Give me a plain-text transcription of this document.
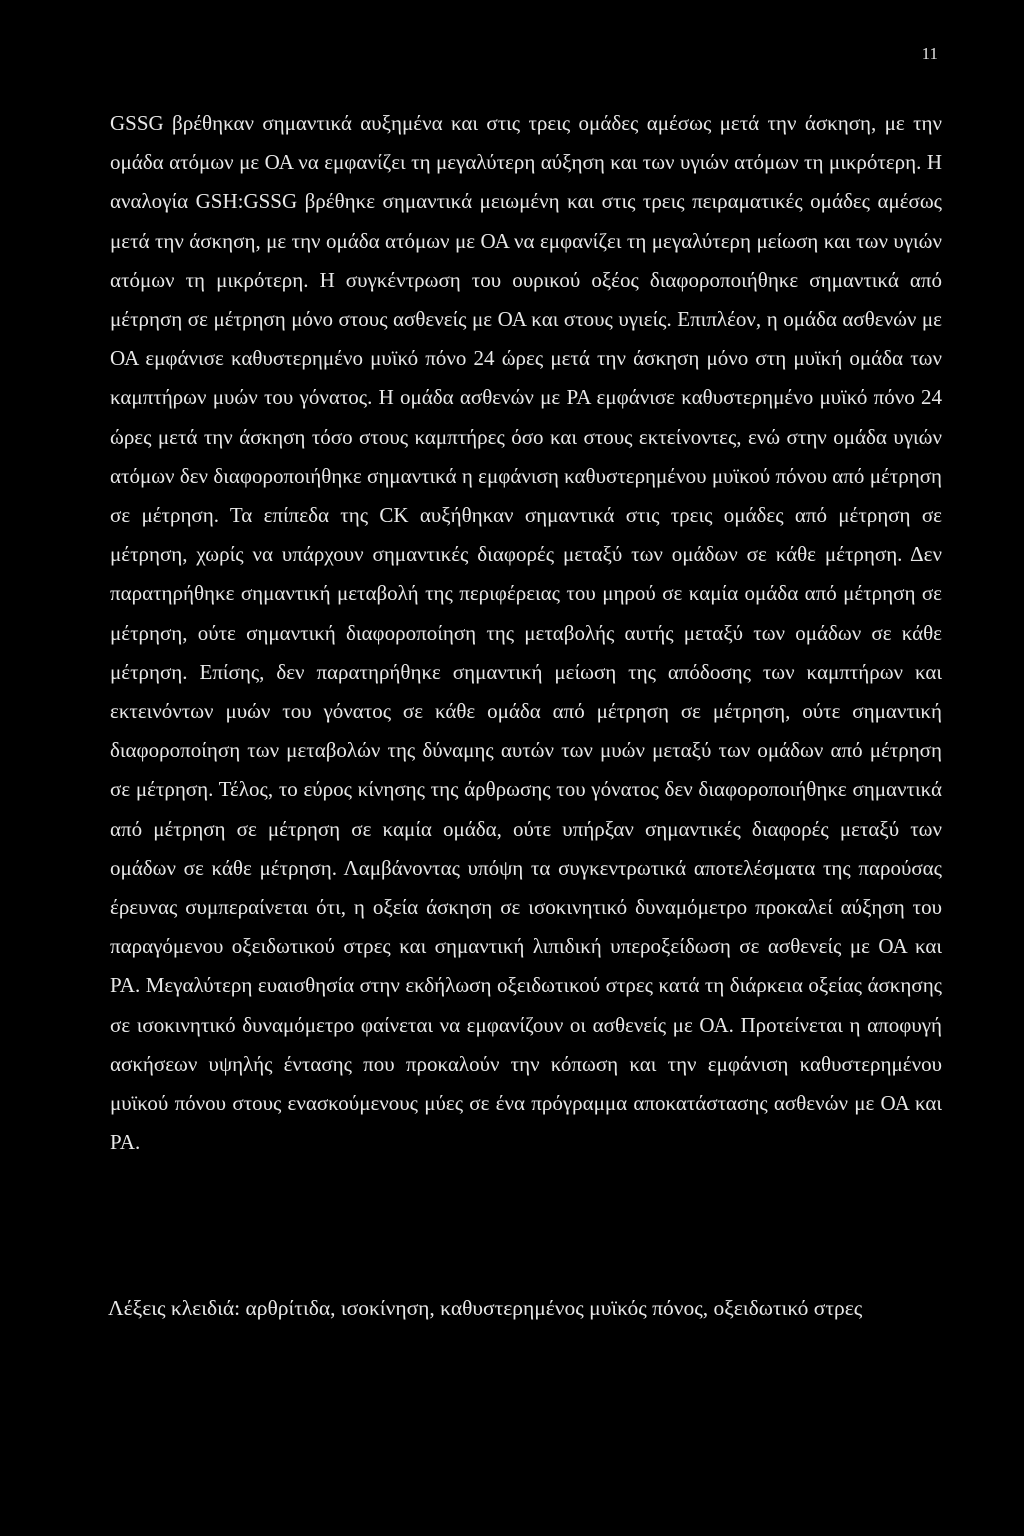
11

GSSG βρέθηκαν σημαντικά αυξημένα και στις τρεις ομάδες αμέσως μετά την άσκηση, με την ομάδα ατόμων με ΟΑ να εμφανίζει τη μεγαλύτερη αύξηση και των υγιών ατόμων τη μικρότερη. Η αναλογία GSH:GSSG βρέθηκε σημαντικά μειωμένη και στις τρεις πειραματικές ομάδες αμέσως μετά την άσκηση, με την ομάδα ατόμων με ΟΑ να εμφανίζει τη μεγαλύτερη μείωση και των υγιών ατόμων τη μικρότερη. Η συγκέντρωση του ουρικού οξέος διαφοροποιήθηκε σημαντικά από μέτρηση σε μέτρηση μόνο στους ασθενείς με ΟΑ και στους υγιείς. Επιπλέον, η ομάδα ασθενών με ΟΑ εμφάνισε καθυστερημένο μυϊκό πόνο 24 ώρες μετά την άσκηση μόνο στη μυϊκή ομάδα των καμπτήρων μυών του γόνατος. Η ομάδα ασθενών με ΡΑ εμφάνισε καθυστερημένο μυϊκό πόνο 24 ώρες μετά την άσκηση τόσο στους καμπτήρες όσο και στους εκτείνοντες, ενώ στην ομάδα υγιών ατόμων δεν διαφοροποιήθηκε σημαντικά η εμφάνιση καθυστερημένου μυϊκού πόνου από μέτρηση σε μέτρηση. Τα επίπεδα της CK αυξήθηκαν σημαντικά στις τρεις ομάδες από μέτρηση σε μέτρηση, χωρίς να υπάρχουν σημαντικές διαφορές μεταξύ των ομάδων σε κάθε μέτρηση. Δεν παρατηρήθηκε σημαντική μεταβολή της περιφέρειας του μηρού σε καμία ομάδα από μέτρηση σε μέτρηση, ούτε σημαντική διαφοροποίηση της μεταβολής αυτής μεταξύ των ομάδων σε κάθε μέτρηση. Επίσης, δεν παρατηρήθηκε σημαντική μείωση της απόδοσης των καμπτήρων και εκτεινόντων μυών του γόνατος σε κάθε ομάδα από μέτρηση σε μέτρηση, ούτε σημαντική διαφοροποίηση των μεταβολών της δύναμης αυτών των μυών μεταξύ των ομάδων από μέτρηση σε μέτρηση. Τέλος, το εύρος κίνησης της άρθρωσης του γόνατος δεν διαφοροποιήθηκε σημαντικά από μέτρηση σε μέτρηση σε καμία ομάδα, ούτε υπήρξαν σημαντικές διαφορές μεταξύ των ομάδων σε κάθε μέτρηση. Λαμβάνοντας υπόψη τα συγκεντρωτικά αποτελέσματα της παρούσας έρευνας συμπεραίνεται ότι, η οξεία άσκηση σε ισοκινητικό δυναμόμετρο προκαλεί αύξηση του παραγόμενου οξειδωτικού στρες και σημαντική λιπιδική υπεροξείδωση σε ασθενείς με ΟΑ και ΡΑ. Μεγαλύτερη ευαισθησία στην εκδήλωση οξειδωτικού στρες κατά τη διάρκεια οξείας άσκησης σε ισοκινητικό δυναμόμετρο φαίνεται να εμφανίζουν οι ασθενείς με ΟΑ. Προτείνεται η αποφυγή ασκήσεων υψηλής έντασης που προκαλούν την κόπωση και την εμφάνιση καθυστερημένου μυϊκού πόνου στους ενασκούμενους μύες σε ένα πρόγραμμα αποκατάστασης ασθενών με ΟΑ και ΡΑ.

Λέξεις κλειδιά: αρθρίτιδα, ισοκίνηση, καθυστερημένος μυϊκός πόνος, οξειδωτικό στρες
